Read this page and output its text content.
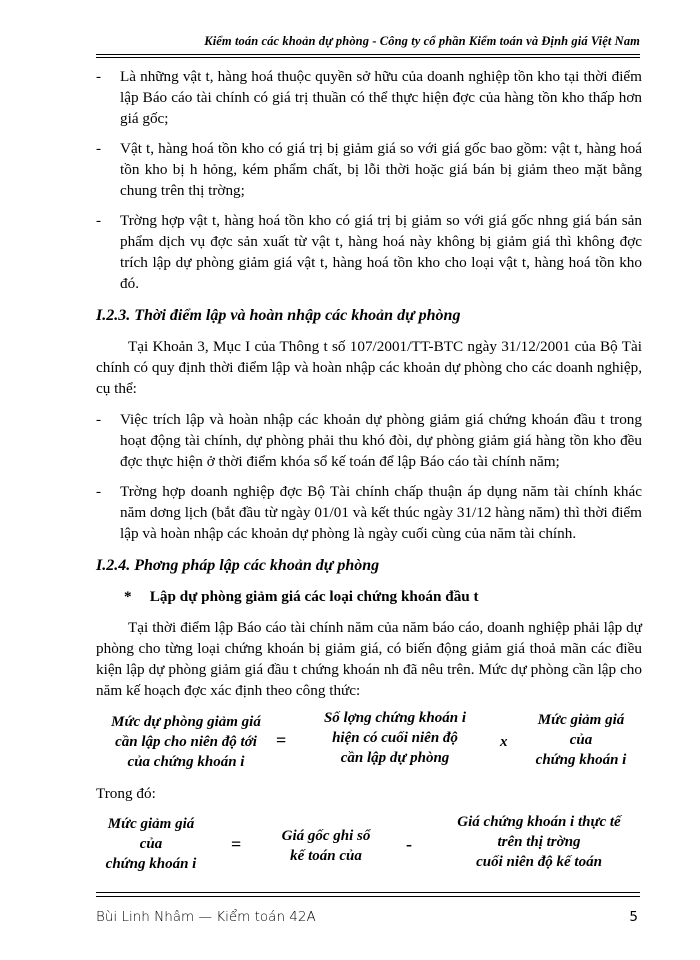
Kiểm toán các khoản dự phòng - Công ty cổ phần Kiểm toán và Định giá Việt Nam
- Là những vật t, hàng hoá thuộc quyền sở hữu của doanh nghiệp tồn kho tại thời điểm lập Báo cáo tài chính có giá trị thuần có thể thực hiện đợc của hàng tồn kho thấp hơn giá gốc;
- Vật t, hàng hoá tồn kho có giá trị bị giảm giá so với giá gốc bao gồm: vật t, hàng hoá tồn kho bị h hỏng, kém phẩm chất, bị lỗi thời hoặc giá bán bị giảm theo mặt bằng chung trên thị trờng;
- Trờng hợp vật t, hàng hoá tồn kho có giá trị bị giảm so với giá gốc nhng giá bán sản phẩm dịch vụ đợc sản xuất từ vật t, hàng hoá này không bị giảm giá thì không đợc trích lập dự phòng giảm giá vật t, hàng hoá tồn kho cho loại vật t, hàng hoá tồn kho đó.
I.2.3. Thời điểm lập và hoàn nhập các khoản dự phòng
Tại Khoản 3, Mục I của Thông t số 107/2001/TT-BTC ngày 31/12/2001 của Bộ Tài chính có quy định thời điểm lập và hoàn nhập các khoản dự phòng cho các doanh nghiệp, cụ thể:
- Việc trích lập và hoàn nhập các khoản dự phòng giảm giá chứng khoán đầu t trong hoạt động tài chính, dự phòng phải thu khó đòi, dự phòng giảm giá hàng tồn kho đều đợc thực hiện ở thời điểm khóa sổ kế toán để lập Báo cáo tài chính năm;
- Trờng hợp doanh nghiệp đợc Bộ Tài chính chấp thuận áp dụng năm tài chính khác năm dơng lịch (bắt đầu từ ngày 01/01 và kết thúc ngày 31/12 hàng năm) thì thời điểm lập và hoàn nhập các khoản dự phòng là ngày cuối cùng của năm tài chính.
I.2.4. Phơng pháp lập các khoản dự phòng
* Lập dự phòng giảm giá các loại chứng khoán đầu t
Tại thời điểm lập Báo cáo tài chính năm của năm báo cáo, doanh nghiệp phải lập dự phòng cho từng loại chứng khoán bị giảm giá, có biến động giảm giá thoả mãn các điều kiện lập dự phòng giảm giá đầu t chứng khoán nh đã nêu trên. Mức dự phòng cần lập cho năm kế hoạch đợc xác định theo công thức:
Mức dự phòng giảm giá
cần lập cho niên độ tới
của chứng khoán i
=
Số lợng chứng khoán i
hiện có cuối niên độ
cần lập dự phòng
x
Mức giảm giá
của
chứng khoán i
Trong đó:
Mức giảm giá
của
chứng khoán i
=	Giá gốc ghi sổ
kế toán của
-
Giá chứng khoán i thực tế
trên thị trờng
cuối niên độ kế toán
Bùi Linh Nhâm — Kiểm toán 42A	5
